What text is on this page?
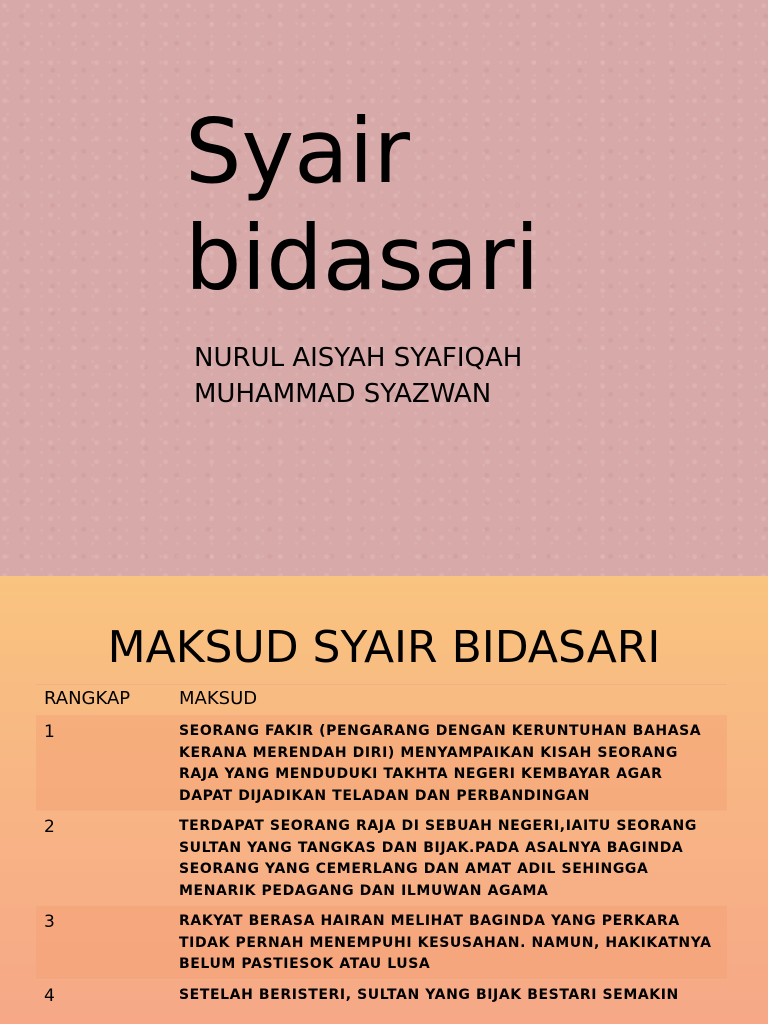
Syair
bidasari
NURUL AISYAH SYAFIQAH
MUHAMMAD SYAZWAN
MAKSUD SYAIR BIDASARI
RANGKAP	MAKSUD
1	SEORANG FAKIR (PENGARANG DENGAN KERUNTUHAN BAHASA KERANA MERENDAH DIRI) MENYAMPAIKAN KISAH SEORANG RAJA YANG MENDUDUKI TAKHTA NEGERI KEMBAYAR AGAR DAPAT DIJADIKAN TELADAN DAN PERBANDINGAN
2	TERDAPAT SEORANG RAJA DI SEBUAH NEGERI,IAITU SEORANG SULTAN YANG TANGKAS DAN BIJAK.PADA ASALNYA BAGINDA SEORANG YANG CEMERLANG DAN AMAT ADIL SEHINGGA MENARIK PEDAGANG DAN ILMUWAN AGAMA
3	RAKYAT BERASA HAIRAN MELIHAT BAGINDA YANG PERKARA TIDAK PERNAH MENEMPUHI KESUSAHAN. NAMUN, HAKIKATNYA BELUM PASTIESOK ATAU LUSA
4	SETELAH BERISTERI, SULTAN YANG BIJAK BESTARI SEMAKIN
